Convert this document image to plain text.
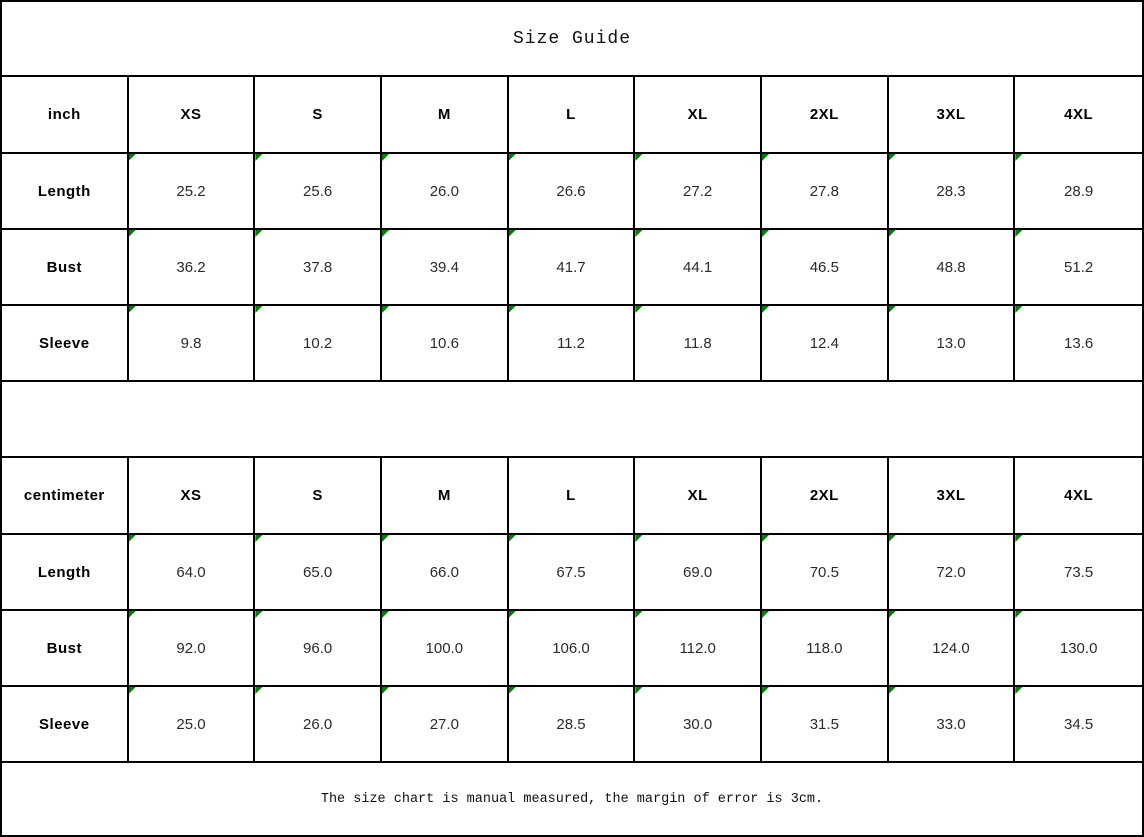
Size Guide
inch	XS	S	M	L	XL	2XL	3XL	4XL
Length	25.2	25.6	26.0	26.6	27.2	27.8	28.3	28.9
Bust	36.2	37.8	39.4	41.7	44.1	46.5	48.8	51.2
Sleeve	9.8	10.2	10.6	11.2	11.8	12.4	13.0	13.6
centimeter	XS	S	M	L	XL	2XL	3XL	4XL
Length	64.0	65.0	66.0	67.5	69.0	70.5	72.0	73.5
Bust	92.0	96.0	100.0	106.0	112.0	118.0	124.0	130.0
Sleeve	25.0	26.0	27.0	28.5	30.0	31.5	33.0	34.5
The size chart is manual measured, the margin of error is 3cm.
